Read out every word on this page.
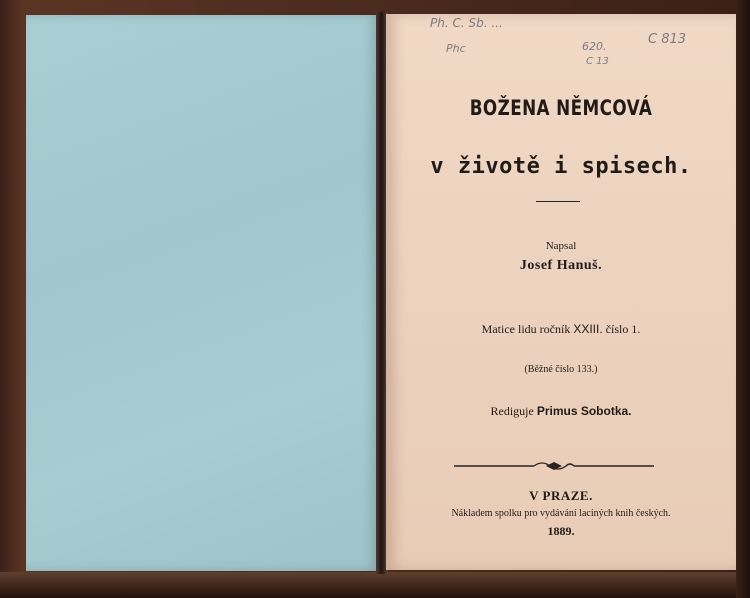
Ph. C. Sb. ...
Phc	620.
C 13
C 813
BOŽENA NĚMCOVÁ
v životě i spisech.
Napsal
Josef Hanuš.
Matice lidu ročník XXIII. číslo 1.
(Běžné číslo 133.)
Rediguje Primus Sobotka.
V PRAZE.
Nákladem spolku pro vydávání laciných knih českých.
1889.
